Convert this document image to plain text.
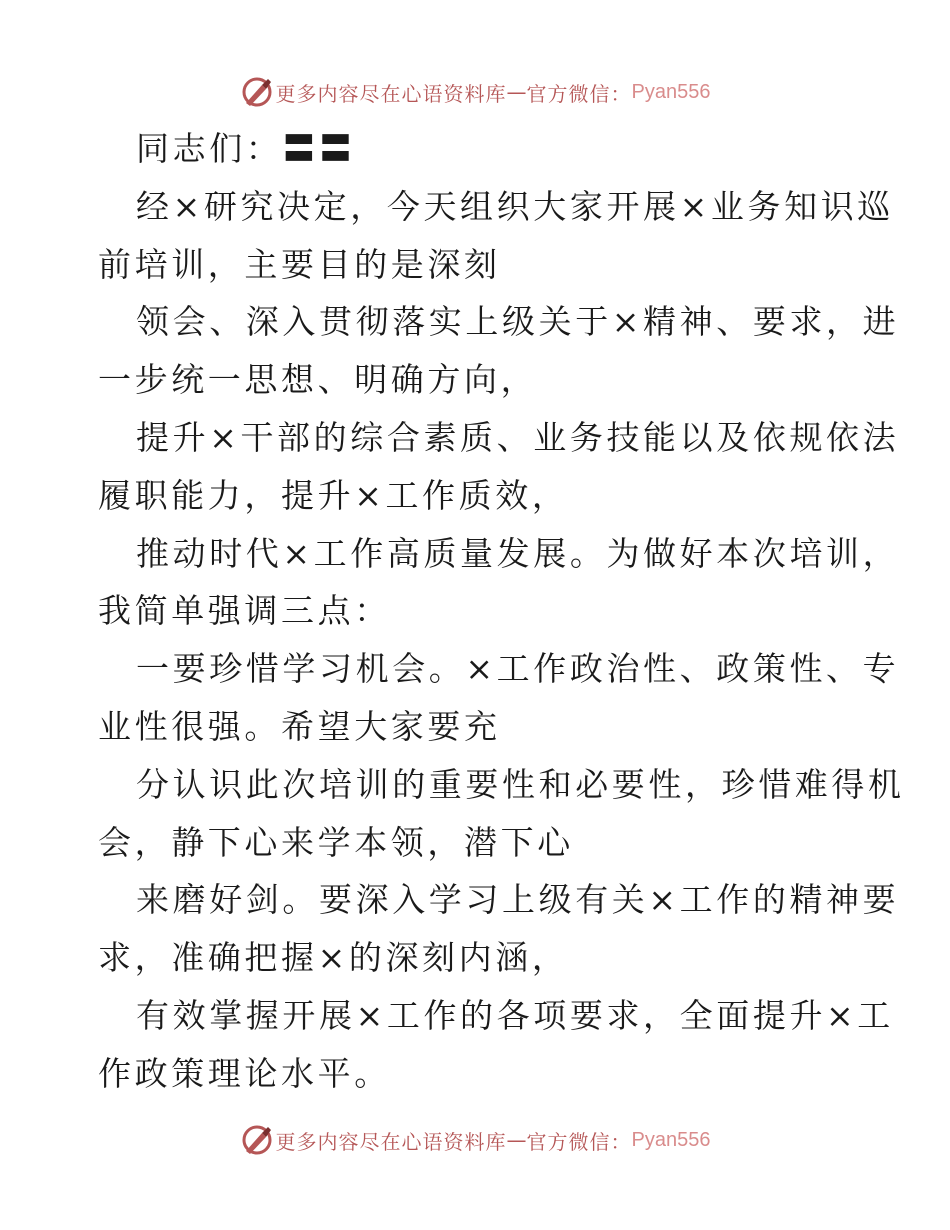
更多内容尽在心语资料库 — 官方微信： Pyan556
同志们：〓〓
经×研究决定，今天组织大家开展×业务知识巡
前培训，主要目的是深刻
领会、深入贯彻落实上级关于×精神、要求，进
一步统一思想、明确方向，
提升×干部的综合素质、业务技能以及依规依法
履职能力，提升×工作质效，
推动时代×工作高质量发展。为做好本次培训，
我简单强调三点：
一要珍惜学习机会。×工作政治性、政策性、专
业性很强。希望大家要充
分认识此次培训的重要性和必要性，珍惜难得机
会，静下心来学本领，潜下心
来磨好剑。要深入学习上级有关×工作的精神要
求，准确把握×的深刻内涵，
有效掌握开展×工作的各项要求，全面提升×工
作政策理论水平。
更多内容尽在心语资料库 — 官方微信： Pyan556
